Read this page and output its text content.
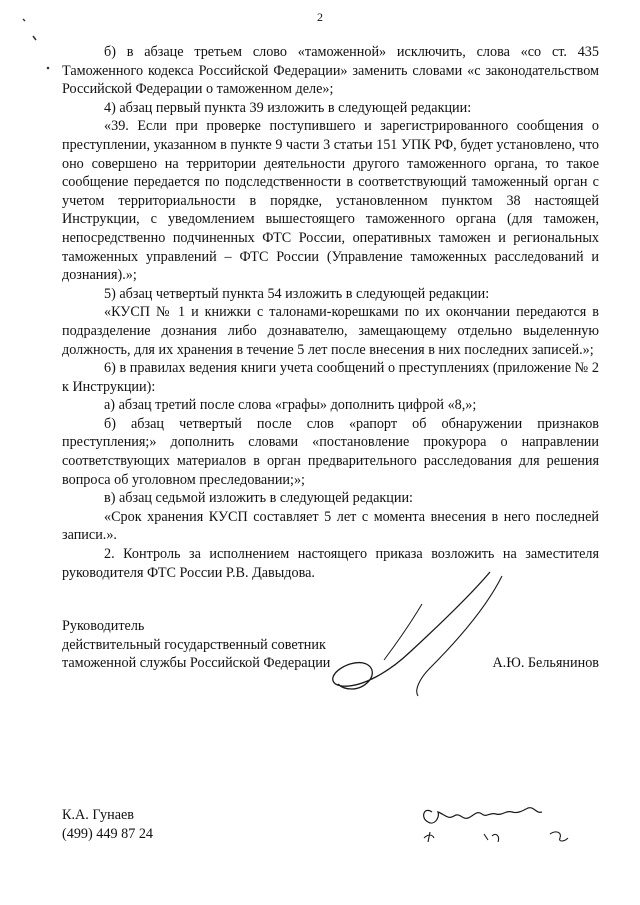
2

б) в абзаце третьем слово «таможенной» исключить, слова «со ст. 435 Таможенного кодекса Российской Федерации» заменить словами «с законодательством Российской Федерации о таможенном деле»;

4) абзац первый пункта 39 изложить в следующей редакции:

«39. Если при проверке поступившего и зарегистрированного сообщения о преступлении, указанном в пункте 9 части 3 статьи 151 УПК РФ, будет установлено, что оно совершено на территории деятельности другого таможенного органа, то такое сообщение передается по подследственности в соответствующий таможенный орган с учетом территориальности в порядке, установленном пунктом 38 настоящей Инструкции, с уведомлением вышестоящего таможенного органа (для таможен, непосредственно подчиненных ФТС России, оперативных таможен и региональных таможенных управлений – ФТС России (Управление таможенных расследований и дознания).»;

5) абзац четвертый пункта 54 изложить в следующей редакции:

«КУСП № 1 и книжки с талонами-корешками по их окончании передаются в подразделение дознания либо дознавателю, замещающему отдельно выделенную должность, для их хранения в течение 5 лет после внесения в них последних записей.»;

6) в правилах ведения книги учета сообщений о преступлениях (приложение № 2 к Инструкции):

а) абзац третий после слова «графы» дополнить цифрой «8,»;

б) абзац четвертый после слов «рапорт об обнаружении признаков преступления;» дополнить словами «постановление прокурора о направлении соответствующих материалов в орган предварительного расследования для решения вопроса об уголовном преследовании;»;

в) абзац седьмой изложить в следующей редакции:

«Срок хранения КУСП составляет 5 лет с момента внесения в него последней записи.».

2. Контроль за исполнением настоящего приказа возложить на заместителя руководителя ФТС России Р.В. Давыдова.

Руководитель
действительный государственный советник
таможенной службы Российской Федерации	А.Ю. Бельянинов
К.А. Гунаев
(499) 449 87 24
